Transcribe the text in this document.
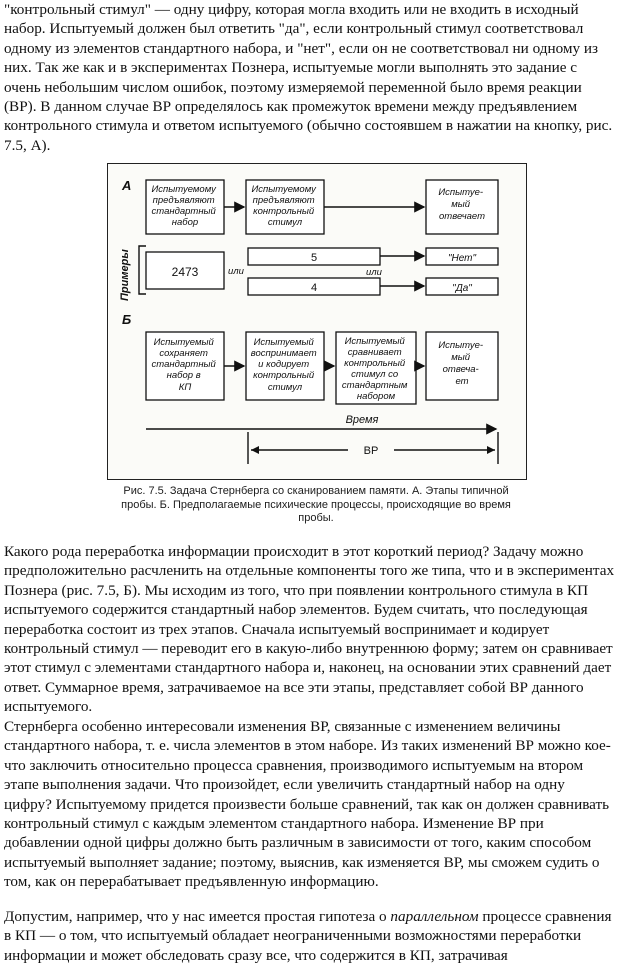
"контрольный стимул" — одну цифру, которая могла входить или не входить в исходный набор. Испытуемый должен был ответить "да", если контрольный стимул соответствовал одному из элементов стандартного набора, и "нет", если он не соответствовал ни одному из них. Так же как и в экспериментах Познера, испытуемые могли выполнять это задание с очень небольшим числом ошибок, поэтому измеряемой переменной было время реакции (ВР). В данном случае ВР определялось как промежуток времени между предъявлением контрольного стимула и ответом испытуемого (обычно состоявшем в нажатии на кнопку, рис. 7.5, А).

А Испытуемому предъявляют стандартный набор
Испытуемому предъявляют контрольный стимул
Испытуе- мый отвечает
Примеры	2473	или
5	"Нет"
или
4	"Да"
Б
Испытуемый сохраняет стандартный набор в КП
Испытуемый воспринимает и кодирует контрольный стимул
Испытуемый сравнивает контрольный стимул со стандартным набором
Испытуе- мый отвеча- ет
Время
ВР
Рис. 7.5. Задача Стернберга со сканированием памяти. А. Этапы типичной пробы. Б. Предполагаемые психические процессы, происходящие во время пробы.

Какого рода переработка информации происходит в этот короткий период? Задачу можно предположительно расчленить на отдельные компоненты того же типа, что и в экспериментах Познера (рис. 7.5, Б). Мы исходим из того, что при появлении контрольного стимула в КП испытуемого содержится стандартный набор элементов. Будем считать, что последующая переработка состоит из трех этапов. Сначала испытуемый воспринимает и кодирует контрольный стимул — переводит его в какую-либо внутреннюю форму; затем он сравнивает этот стимул с элементами стандартного набора и, наконец, на основании этих сравнений дает ответ. Суммарное время, затрачиваемое на все эти этапы, представляет собой ВР данного испытуемого.

Стернберга особенно интересовали изменения ВР, связанные с изменением величины стандартного набора, т. е. числа элементов в этом наборе. Из таких изменений ВР можно кое-что заключить относительно процесса сравнения, производимого испытуемым на втором этапе выполнения задачи. Что произойдет, если увеличить стандартный набор на одну цифру? Испытуемому придется произвести больше сравнений, так как он должен сравнивать контрольный стимул с каждым элементом стандартного набора. Изменение ВР при добавлении одной цифры должно быть различным в зависимости от того, каким способом испытуемый выполняет задание; поэтому, выяснив, как изменяется ВР, мы сможем судить о том, как он перерабатывает предъявленную информацию.

Допустим, например, что у нас имеется простая гипотеза о параллельном процессе сравнения в КП — о том, что испытуемый обладает неограниченными возможностями переработки информации и может обследовать сразу все, что содержится в КП, затрачивая
